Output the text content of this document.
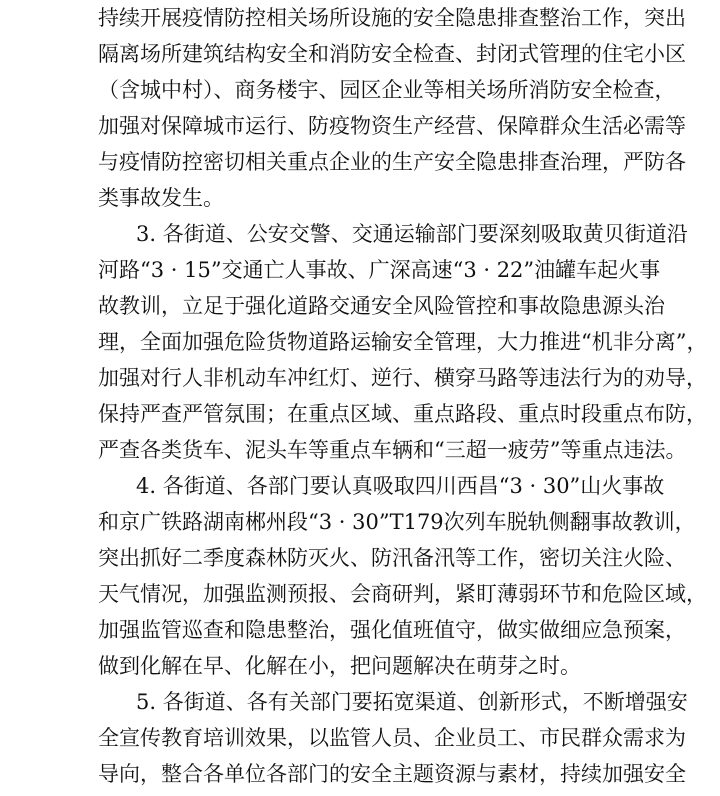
持续开展疫情防控相关场所设施的安全隐患排查整治工作，突出
隔离场所建筑结构安全和消防安全检查、封闭式管理的住宅小区
（含城中村）、商务楼宇、园区企业等相关场所消防安全检查，
加强对保障城市运行、防疫物资生产经营、保障群众生活必需等
与疫情防控密切相关重点企业的生产安全隐患排查治理，严防各
类事故发生。
3. 各街道、公安交警、交通运输部门要深刻吸取黄贝街道沿
河路“3 · 15”交通亡人事故、广深高速“3 · 22”油罐车起火事
故教训，立足于强化道路交通安全风险管控和事故隐患源头治
理，全面加强危险货物道路运输安全管理，大力推进“机非分离”，
加强对行人非机动车冲红灯、逆行、横穿马路等违法行为的劝导，
保持严查严管氛围；在重点区域、重点路段、重点时段重点布防，
严查各类货车、泥头车等重点车辆和“三超一疲劳”等重点违法。
4. 各街道、各部门要认真吸取四川西昌“3 · 30”山火事故
和京广铁路湖南郴州段“3 · 30”T179次列车脱轨侧翻事故教训，
突出抓好二季度森林防灭火、防汛备汛等工作，密切关注火险、
天气情况，加强监测预报、会商研判，紧盯薄弱环节和危险区域，
加强监管巡查和隐患整治，强化值班值守，做实做细应急预案，
做到化解在早、化解在小，把问题解决在萌芽之时。
5. 各街道、各有关部门要拓宽渠道、创新形式，不断增强安
全宣传教育培训效果，以监管人员、企业员工、市民群众需求为
导向，整合各单位各部门的安全主题资源与素材，持续加强安全
